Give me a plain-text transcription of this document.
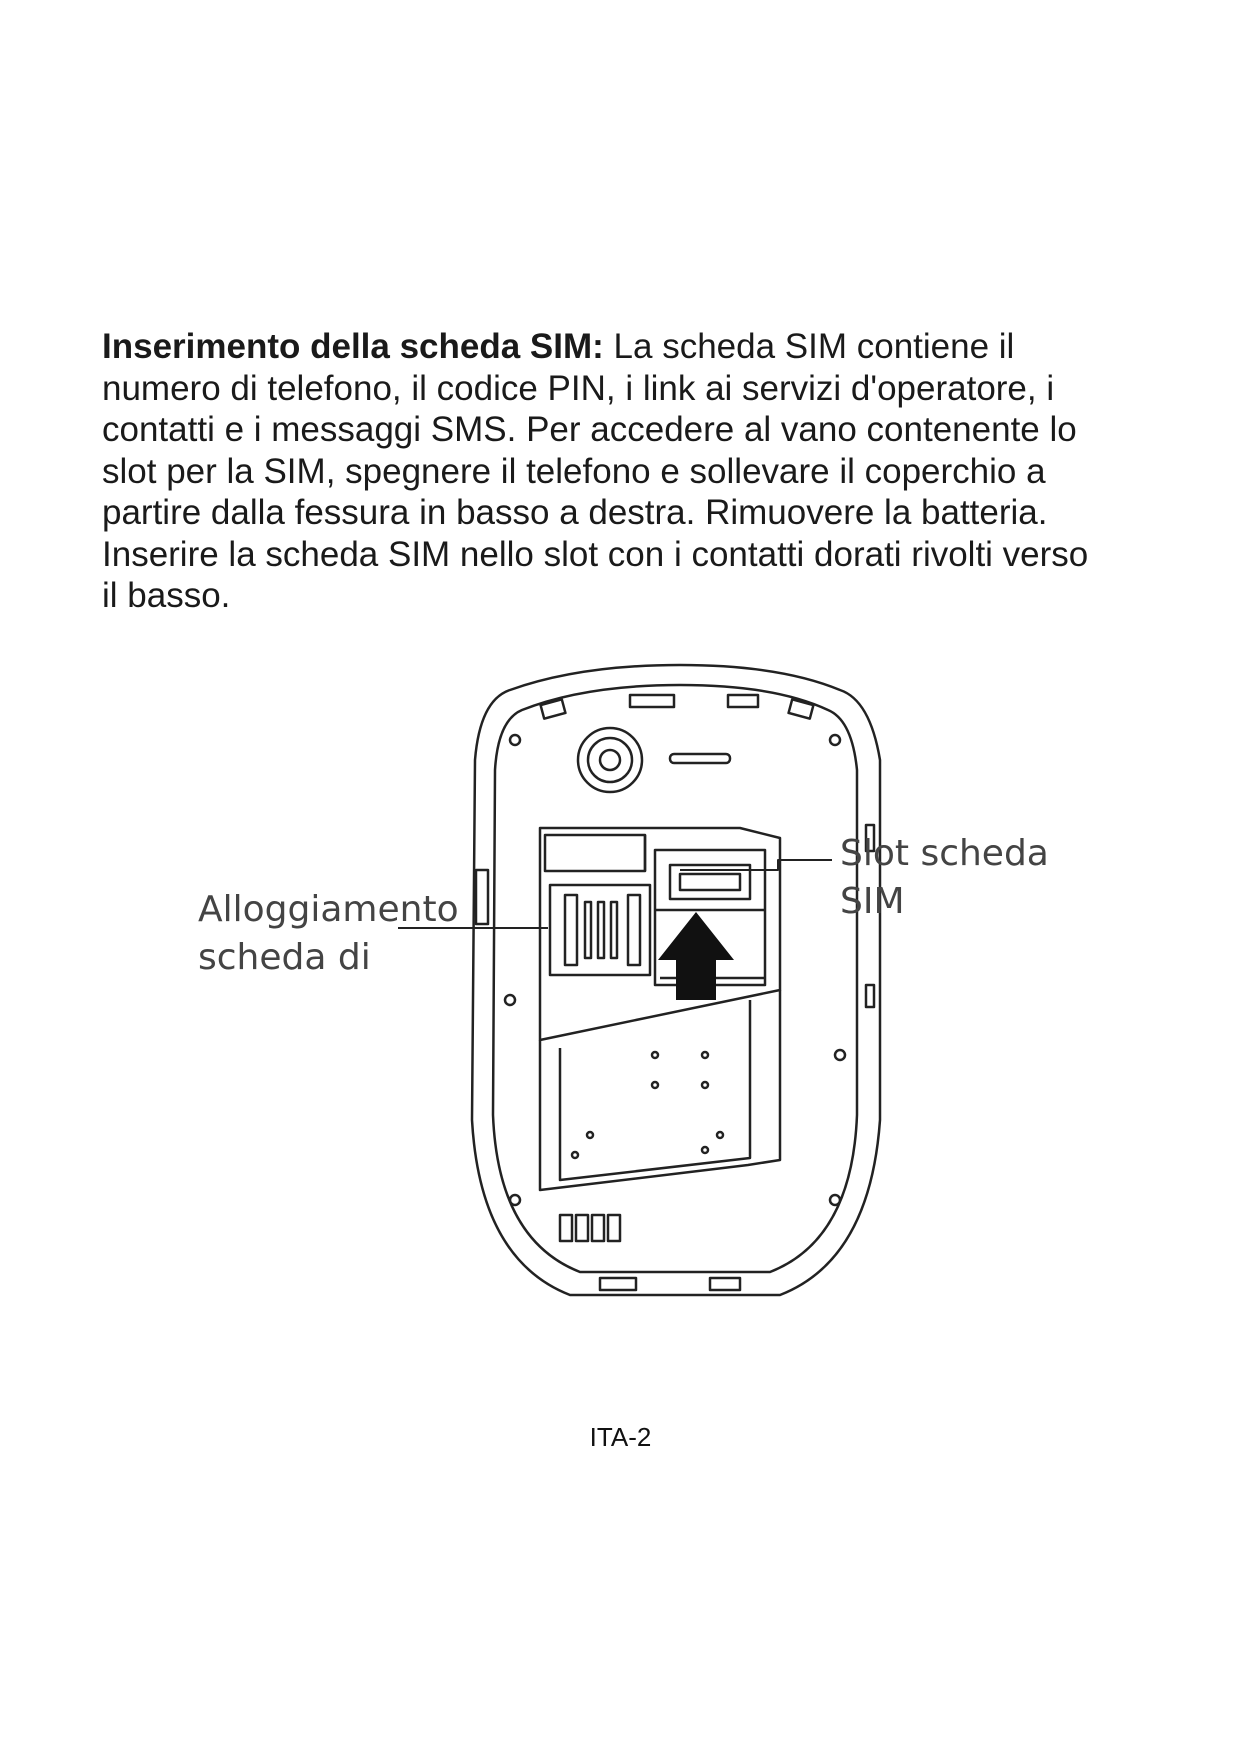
Inserimento della scheda SIM: La scheda SIM contiene il
numero di telefono, il codice PIN, i link ai servizi d'operatore, i
contatti e i messaggi SMS. Per accedere al vano contenente lo
slot per la SIM, spegnere il telefono e sollevare il coperchio a
partire dalla fessura in basso a destra. Rimuovere la batteria.
Inserire la scheda SIM nello slot con i contatti dorati rivolti verso
il basso.

Alloggiamento
scheda di

Slot scheda
SIM

ITA-2
